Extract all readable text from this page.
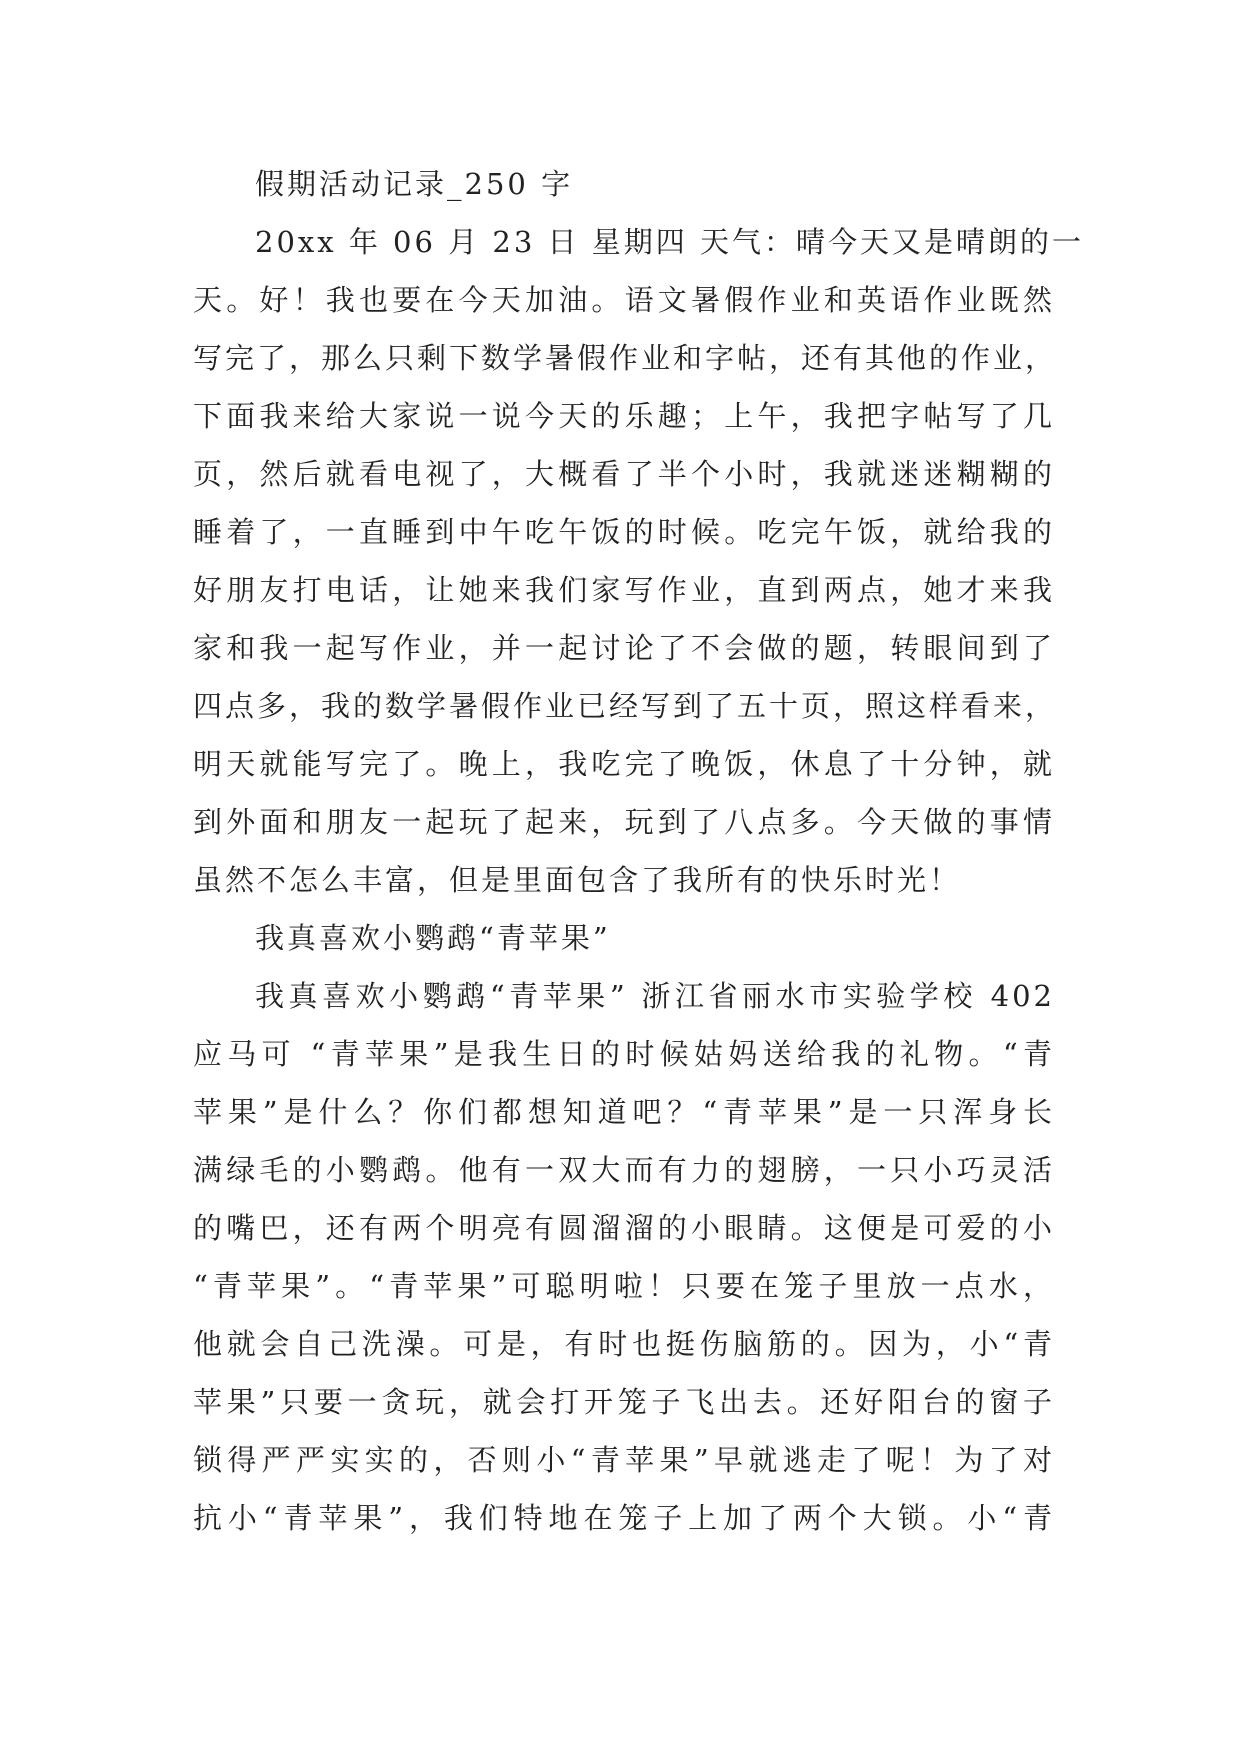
假期活动记录_250 字
20xx 年 06 月 23 日 星期四 天气：晴今天又是晴朗的一
天。好！我也要在今天加油。语文暑假作业和英语作业既然
写完了，那么只剩下数学暑假作业和字帖，还有其他的作业，
下面我来给大家说一说今天的乐趣；上午，我把字帖写了几
页，然后就看电视了，大概看了半个小时，我就迷迷糊糊的
睡着了，一直睡到中午吃午饭的时候。吃完午饭，就给我的
好朋友打电话，让她来我们家写作业，直到两点，她才来我
家和我一起写作业，并一起讨论了不会做的题，转眼间到了
四点多，我的数学暑假作业已经写到了五十页，照这样看来，
明天就能写完了。晚上，我吃完了晚饭，休息了十分钟，就
到外面和朋友一起玩了起来，玩到了八点多。今天做的事情
虽然不怎么丰富，但是里面包含了我所有的快乐时光！
我真喜欢小鹦鹉“青苹果”
我真喜欢小鹦鹉“青苹果” 浙江省丽水市实验学校 402
应马可 “青苹果”是我生日的时候姑妈送给我的礼物。“青
苹果”是什么？你们都想知道吧？“青苹果”是一只浑身长
满绿毛的小鹦鹉。他有一双大而有力的翅膀，一只小巧灵活
的嘴巴，还有两个明亮有圆溜溜的小眼睛。这便是可爱的小
“青苹果”。“青苹果”可聪明啦！只要在笼子里放一点水，
他就会自己洗澡。可是，有时也挺伤脑筋的。因为，小“青
苹果”只要一贪玩，就会打开笼子飞出去。还好阳台的窗子
锁得严严实实的，否则小“青苹果”早就逃走了呢！为了对
抗小“青苹果”，我们特地在笼子上加了两个大锁。小“青
